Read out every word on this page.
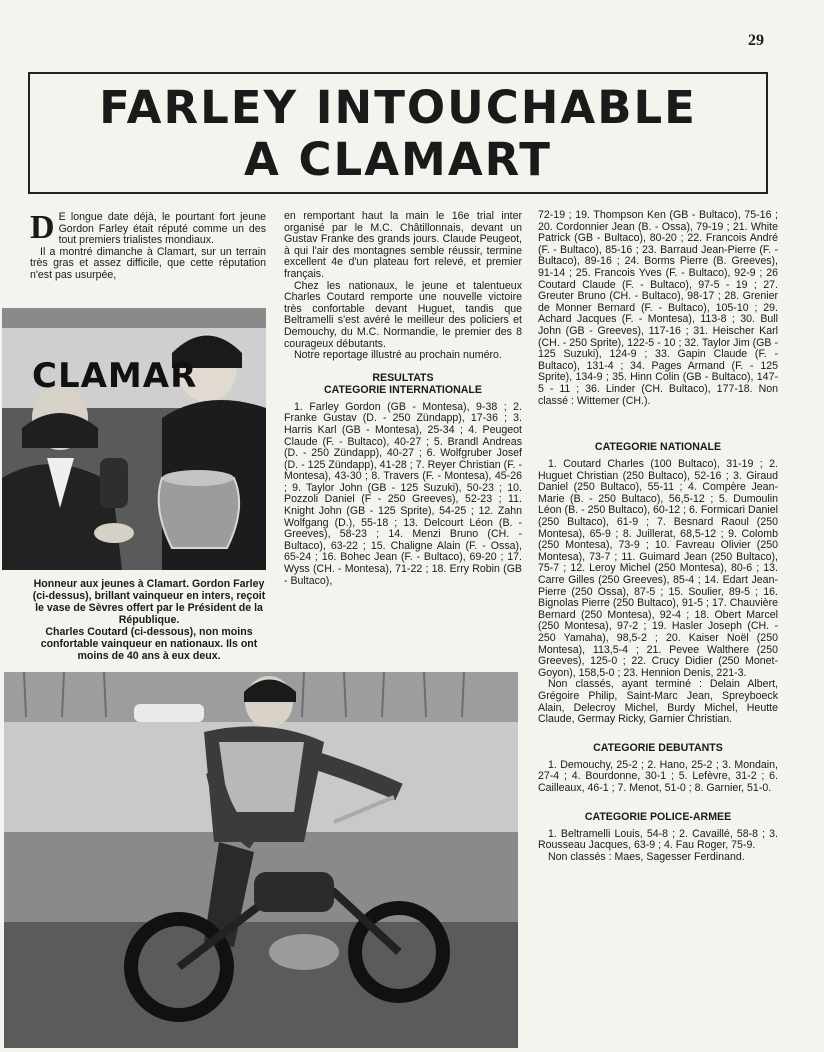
29
FARLEY INTOUCHABLE
A CLAMART

D E longue date déjà, le pourtant fort jeune Gordon Farley était réputé comme un des tout premiers trialistes mondiaux.

Il a montré dimanche à Clamart, sur un terrain très gras et assez difficile, que cette réputation n'est pas usurpée,

CLAMAR
Honneur aux jeunes à Clamart. Gordon Farley (ci-dessus), brillant vainqueur en inters, reçoit le vase de Sèvres offert par le Président de la République.
Charles Coutard (ci-dessous), non moins confortable vainqueur en nationaux. Ils ont moins de 40 ans à eux deux.

en remportant haut la main le 16e trial inter organisé par le M.C. Châtillonnais, devant un Gustav Franke des grands jours. Claude Peugeot, à qui l'air des montagnes semble réussir, termine excellent 4e d'un plateau fort relevé, et premier français.

Chez les nationaux, le jeune et talentueux Charles Coutard remporte une nouvelle victoire très confortable devant Huguet, tandis que Beltramelli s'est avéré le meilleur des policiers et Demouchy, du M.C. Normandie, le premier des 8 courageux débutants.

Notre reportage illustré au prochain numéro.

RESULTATS
CATEGORIE INTERNATIONALE

1. Farley Gordon (GB - Montesa), 9-38 ; 2. Franke Gustav (D. - 250 Zündapp), 17-36 ; 3. Harris Karl (GB - Montesa), 25-34 ; 4. Peugeot Claude (F. - Bultaco), 40-27 ; 5. Brandl Andreas (D. - 250 Zündapp), 40-27 ; 6. Wolfgruber Josef (D. - 125 Zündapp), 41-28 ; 7. Reyer Christian (F. - Montesa), 43-30 ; 8. Travers (F. - Montesa), 45-26 ; 9. Taylor John (GB - 125 Suzuki), 50-23 ; 10. Pozzoli Daniel (F - 250 Greeves), 52-23 ; 11. Knight John (GB - 125 Sprite), 54-25 ; 12. Zahn Wolfgang (D.), 55-18 ; 13. Delcourt Léon (B. - Greeves), 58-23 ; 14. Menzi Bruno (CH. - Bultaco), 63-22 ; 15. Chaligne Alain (F. - Ossa), 65-24 ; 16. Bohec Jean (F. - Bultaco), 69-20 ; 17. Wyss (CH. - Montesa), 71-22 ; 18. Erry Robin (GB - Bultaco),

72-19 ; 19. Thompson Ken (GB - Bultaco), 75-16 ; 20. Cordonnier Jean (B. - Ossa), 79-19 ; 21. White Patrick (GB - Bultaco), 80-20 ; 22. Francois André (F. - Bultaco), 85-16 ; 23. Barraud Jean-Pierre (F. - Bultaco), 89-16 ; 24. Borms Pierre (B. Greeves), 91-14 ; 25. Francois Yves (F. - Bultaco), 92-9 ; 26 Coutard Claude (F. - Bultaco), 97-5 - 19 ; 27. Greuter Bruno (CH. - Bultaco), 98-17 ; 28. Grenier de Monner Bernard (F. - Bultaco), 105-10 ; 29. Achard Jacques (F. - Montesa), 113-8 ; 30. Bull John (GB - Greeves), 117-16 ; 31. Heischer Karl (CH. - 250 Sprite), 122-5 - 10 ; 32. Taylor Jim (GB - 125 Suzuki), 124-9 ; 33. Gapin Claude (F. - Bultaco), 131-4 ; 34. Pages Armand (F. - 125 Sprite), 134-9 ; 35. Hinn Colin (GB - Bultaco), 147-5 - 11 ; 36. Linder (CH. Bultaco), 177-18. Non classé : Wittemer (CH.).

CATEGORIE NATIONALE

1. Coutard Charles (100 Bultaco), 31-19 ; 2. Huguet Christian (250 Bultaco), 52-16 ; 3. Giraud Daniel (250 Bultaco), 55-11 ; 4. Compère Jean-Marie (B. - 250 Bultaco), 56,5-12 ; 5. Dumoulin Léon (B. - 250 Bultaco), 60-12 ; 6. Formicari Daniel (250 Bultaco), 61-9 ; 7. Besnard Raoul (250 Montesa), 65-9 ; 8. Juillerat, 68,5-12 ; 9. Colomb (250 Montesa), 73-9 ; 10. Favreau Olivier (250 Montesa), 73-7 ; 11. Guimard Jean (250 Bultaco), 75-7 ; 12. Leroy Michel (250 Montesa), 80-6 ; 13. Carre Gilles (250 Greeves), 85-4 ; 14. Edart Jean-Pierre (250 Ossa), 87-5 ; 15. Soulier, 89-5 ; 16. Bignolas Pierre (250 Bultaco), 91-5 ; 17. Chauvière Bernard (250 Montesa), 92-4 ; 18. Obert Marcel (250 Montesa), 97-2 ; 19. Hasler Joseph (CH. - 250 Yamaha), 98,5-2 ; 20. Kaiser Noël (250 Montesa), 113,5-4 ; 21. Pevee Walthere (250 Greeves), 125-0 ; 22. Crucy Didier (250 Monet-Goyon), 158,5-0 ; 23. Hennion Denis, 221-3.

Non classés, ayant terminé : Delain Albert, Grégoire Philip, Saint-Marc Jean, Spreyboeck Alain, Delecroy Michel, Burdy Michel, Heutte Claude, Germay Ricky, Garnier Christian.

CATEGORIE DEBUTANTS

1. Demouchy, 25-2 ; 2. Hano, 25-2 ; 3. Mondain, 27-4 ; 4. Bourdonne, 30-1 ; 5. Lefèvre, 31-2 ; 6. Cailleaux, 46-1 ; 7. Menot, 51-0 ; 8. Garnier, 51-0.

CATEGORIE POLICE-ARMEE

1. Beltramelli Louis, 54-8 ; 2. Cavaillé, 58-8 ; 3. Rousseau Jacques, 63-9 ; 4. Fau Roger, 75-9.

Non classés : Maes, Sagesser Ferdinand.
